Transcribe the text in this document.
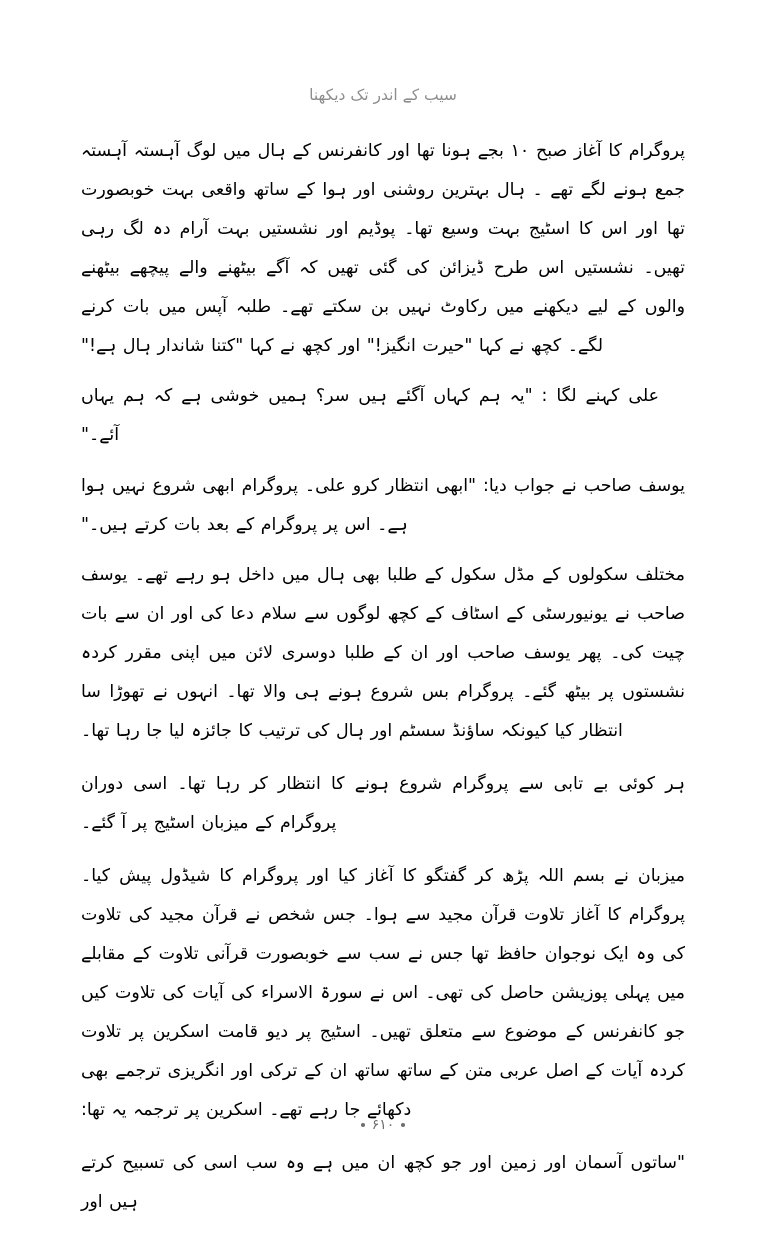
سیب کے اندر تک دیکھنا

پروگرام کا آغاز صبح ۱۰ بجے ہونا تھا اور کانفرنس کے ہال میں لوگ آہستہ آہستہ جمع ہونے لگے تھے ۔ ہال بہترین روشنی اور ہوا کے ساتھ واقعی بہت خوبصورت تھا اور اس کا اسٹیج بہت وسیع تھا۔ پوڈیم اور نشستیں بہت آرام دہ لگ رہی تھیں۔ نشستیں اس طرح ڈیزائن کی گئی تھیں کہ آگے بیٹھنے والے پیچھے بیٹھنے والوں کے لیے دیکھنے میں رکاوٹ نہیں بن سکتے تھے۔ طلبہ آپس میں بات کرنے لگے۔ کچھ نے کہا "حیرت انگیز!" اور کچھ نے کہا "کتنا شاندار ہال ہے!"

علی کہنے لگا : "یہ ہم کہاں آگئے ہیں سر؟ ہمیں خوشی ہے کہ ہم یہاں آئے۔"

یوسف صاحب نے جواب دیا: "ابھی انتظار کرو علی۔ پروگرام ابھی شروع نہیں ہوا ہے۔ اس پر پروگرام کے بعد بات کرتے ہیں۔"

مختلف سکولوں کے مڈل سکول کے طلبا بھی ہال میں داخل ہو رہے تھے۔ یوسف صاحب نے یونیورسٹی کے اسٹاف کے کچھ لوگوں سے سلام دعا کی اور ان سے بات چیت کی۔ پھر یوسف صاحب اور ان کے طلبا دوسری لائن میں اپنی مقرر کردہ نشستوں پر بیٹھ گئے۔ پروگرام بس شروع ہونے ہی والا تھا۔ انہوں نے تھوڑا سا انتظار کیا کیونکہ ساؤنڈ سسٹم اور ہال کی ترتیب کا جائزہ لیا جا رہا تھا۔

ہر کوئی بے تابی سے پروگرام شروع ہونے کا انتظار کر رہا تھا۔ اسی دوران پروگرام کے میزبان اسٹیج پر آ گئے۔

میزبان نے بسم اللہ پڑھ کر گفتگو کا آغاز کیا اور پروگرام کا شیڈول پیش کیا۔ پروگرام کا آغاز تلاوت قرآن مجید سے ہوا۔ جس شخص نے قرآن مجید کی تلاوت کی وہ ایک نوجوان حافظ تھا جس نے سب سے خوبصورت قرآنی تلاوت کے مقابلے میں پہلی پوزیشن حاصل کی تھی۔ اس نے سورۃ الاسراء کی آیات کی تلاوت کیں جو کانفرنس کے موضوع سے متعلق تھیں۔ اسٹیج پر دیو قامت اسکرین پر تلاوت کردہ آیات کے اصل عربی متن کے ساتھ ساتھ ان کے ترکی اور انگریزی ترجمے بھی دکھائے جا رہے تھے۔ اسکرین پر ترجمہ یہ تھا:

"ساتوں آسمان اور زمین اور جو کچھ ان میں ہے وہ سب اسی کی تسبیح کرتے ہیں اور

۶۱۰
